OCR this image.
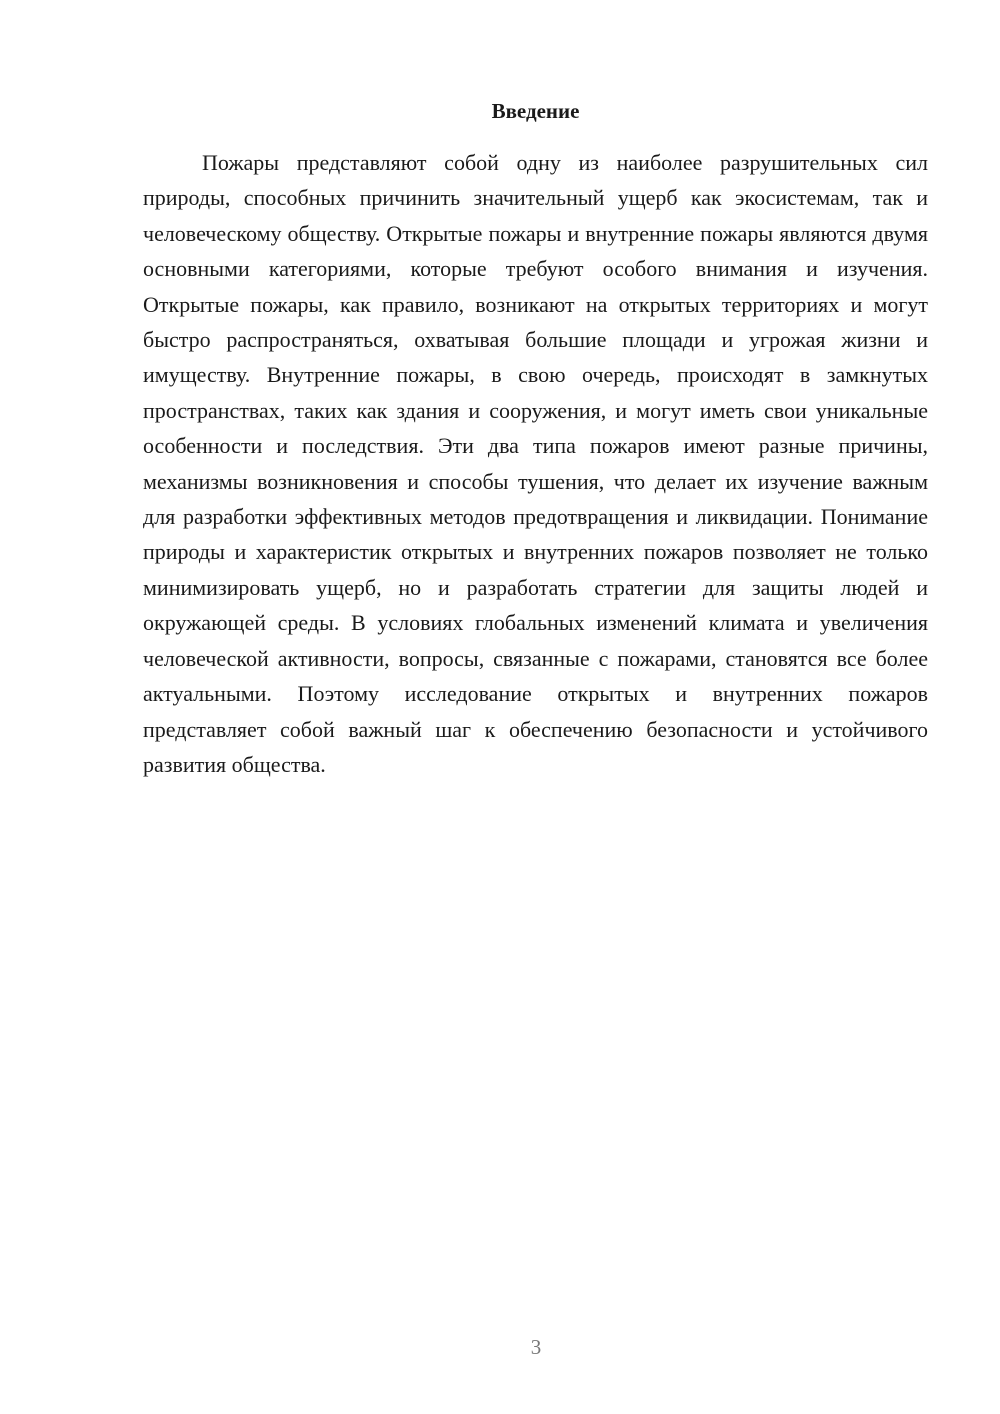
Введение

Пожары представляют собой одну из наиболее разрушительных сил природы, способных причинить значительный ущерб как экосистемам, так и человеческому обществу. Открытые пожары и внутренние пожары являются двумя основными категориями, которые требуют особого внимания и изучения. Открытые пожары, как правило, возникают на открытых территориях и могут быстро распространяться, охватывая большие площади и угрожая жизни и имуществу. Внутренние пожары, в свою очередь, происходят в замкнутых пространствах, таких как здания и сооружения, и могут иметь свои уникальные особенности и последствия. Эти два типа пожаров имеют разные причины, механизмы возникновения и способы тушения, что делает их изучение важным для разработки эффективных методов предотвращения и ликвидации. Понимание природы и характеристик открытых и внутренних пожаров позволяет не только минимизировать ущерб, но и разработать стратегии для защиты людей и окружающей среды. В условиях глобальных изменений климата и увеличения человеческой активности, вопросы, связанные с пожарами, становятся все более актуальными. Поэтому исследование открытых и внутренних пожаров представляет собой важный шаг к обеспечению безопасности и устойчивого развития общества.

3
